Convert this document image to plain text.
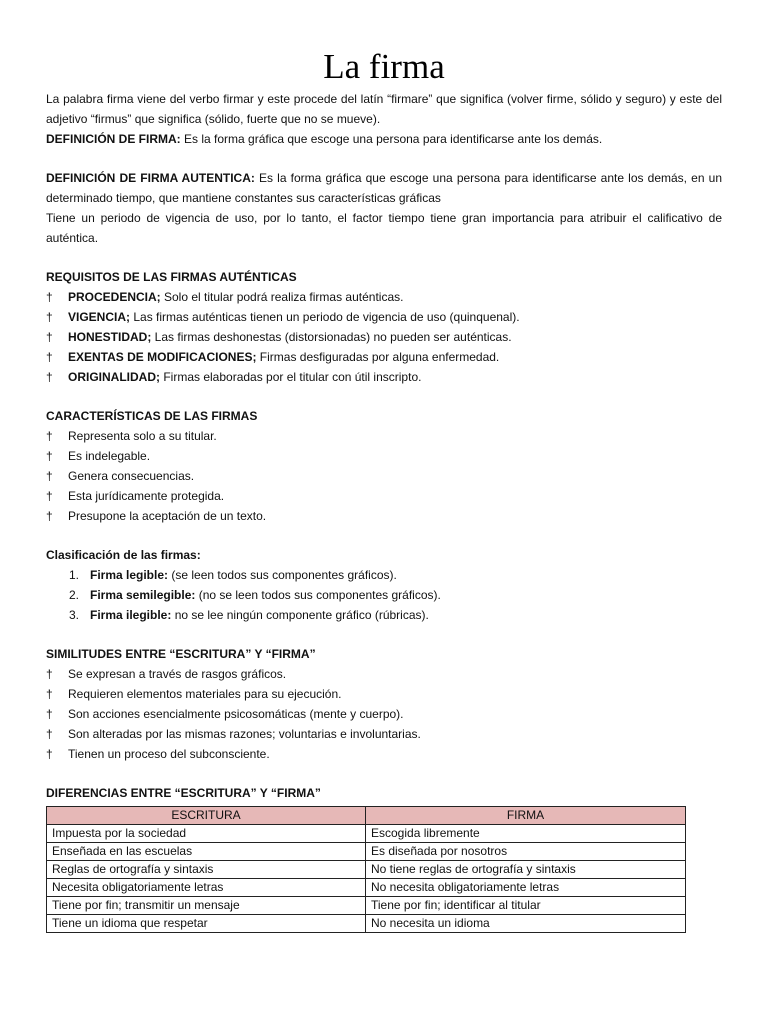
La firma

La palabra firma viene del verbo firmar y este procede del latín “firmare” que significa (volver firme, sólido y seguro) y este del adjetivo “firmus” que significa (sólido, fuerte que no se mueve).

DEFINICIÓN DE FIRMA: Es la forma gráfica que escoge una persona para identificarse ante los demás.

DEFINICIÓN DE FIRMA AUTENTICA: Es la forma gráfica que escoge una persona para identificarse ante los demás, en un determinado tiempo, que mantiene constantes sus características gráficas

Tiene un periodo de vigencia de uso, por lo tanto, el factor tiempo tiene gran importancia para atribuir el calificativo de auténtica.

REQUISITOS DE LAS FIRMAS AUTÉNTICAS
† PROCEDENCIA; Solo el titular podrá realiza firmas auténticas.
† VIGENCIA; Las firmas auténticas tienen un periodo de vigencia de uso (quinquenal).
† HONESTIDAD; Las firmas deshonestas (distorsionadas) no pueden ser auténticas.
† EXENTAS DE MODIFICACIONES; Firmas desfiguradas por alguna enfermedad.
† ORIGINALIDAD; Firmas elaboradas por el titular con útil inscripto.
CARACTERÍSTICAS DE LAS FIRMAS
† Representa solo a su titular.
† Es indelegable.
† Genera consecuencias.
† Esta jurídicamente protegida.
† Presupone la aceptación de un texto.
Clasificación de las firmas:
1. Firma legible: (se leen todos sus componentes gráficos).
2. Firma semilegible: (no se leen todos sus componentes gráficos).
3. Firma ilegible: no se lee ningún componente gráfico (rúbricas).
SIMILITUDES ENTRE “ESCRITURA” Y “FIRMA”
† Se expresan a través de rasgos gráficos.
† Requieren elementos materiales para su ejecución.
† Son acciones esencialmente psicosomáticas (mente y cuerpo).
† Son alteradas por las mismas razones; voluntarias e involuntarias.
† Tienen un proceso del subconsciente.
DIFERENCIAS ENTRE “ESCRITURA” Y “FIRMA”
ESCRITURA	FIRMA
Impuesta por la sociedad	Escogida libremente
Enseñada en las escuelas	Es diseñada por nosotros
Reglas de ortografía y sintaxis	No tiene reglas de ortografía y sintaxis
Necesita obligatoriamente letras	No necesita obligatoriamente letras
Tiene por fin; transmitir un mensaje	Tiene por fin; identificar al titular
Tiene un idioma que respetar	No necesita un idioma
